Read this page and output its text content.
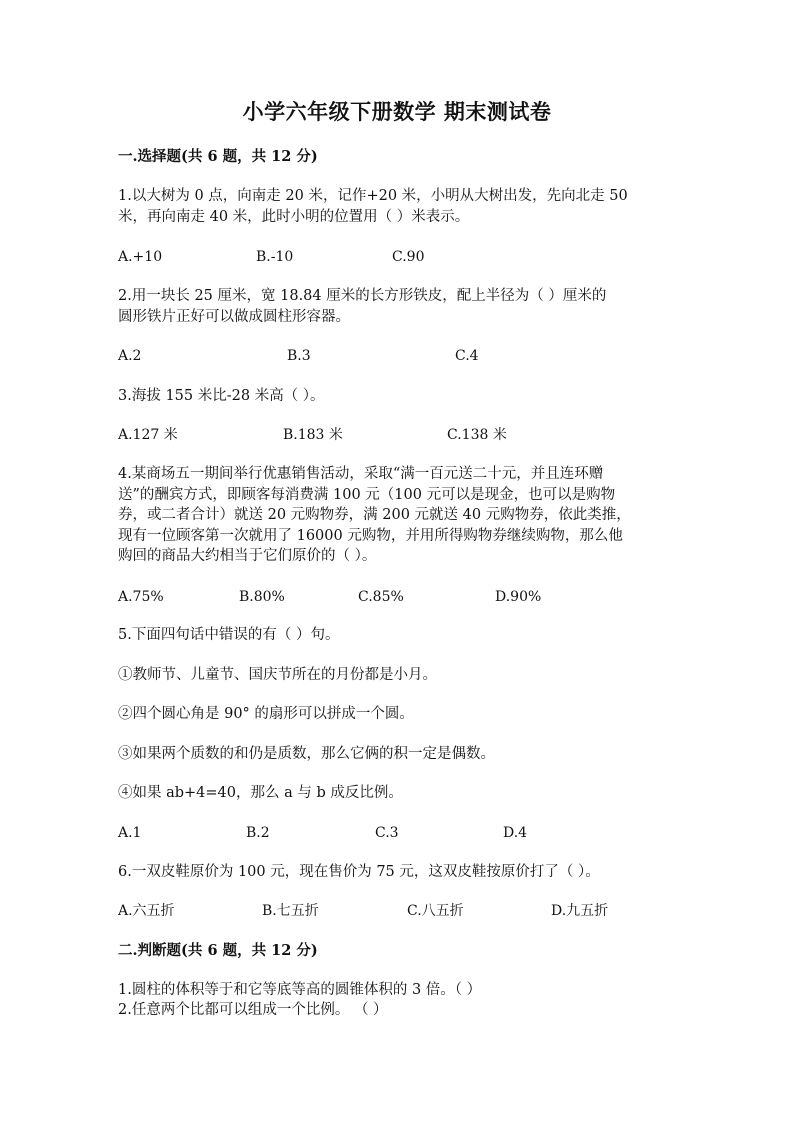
小学六年级下册数学 期末测试卷
一.选择题(共 6 题，共 12 分)
1.以大树为 0 点，向南走 20 米，记作+20 米，小明从大树出发，先向北走 50
米，再向南走 40 米，此时小明的位置用（ ）米表示。
A.+10	B.-10	C.90
2.用一块长 25 厘米，宽 18.84 厘米的长方形铁皮，配上半径为（ ）厘米的
圆形铁片正好可以做成圆柱形容器。
A.2	B.3	C.4
3.海拔 155 米比-28 米高（ ）。
A.127 米	B.183 米	C.138 米
4.某商场五一期间举行优惠销售活动，采取“满一百元送二十元，并且连环赠
送”的酬宾方式，即顾客每消费满 100 元（100 元可以是现金，也可以是购物
券，或二者合计）就送 20 元购物券，满 200 元就送 40 元购物券，依此类推，
现有一位顾客第一次就用了 16000 元购物，并用所得购物券继续购物，那么他
购回的商品大约相当于它们原价的（ ）。
A.75%	B.80%	C.85%	D.90%
5.下面四句话中错误的有（ ）句。
①教师节、儿童节、国庆节所在的月份都是小月。
②四个圆心角是 90° 的扇形可以拼成一个圆。
③如果两个质数的和仍是质数，那么它俩的积一定是偶数。
④如果 ab+4=40，那么 a 与 b 成反比例。
A.1	B.2	C.3	D.4
6.一双皮鞋原价为 100 元，现在售价为 75 元，这双皮鞋按原价打了（ ）。
A.六五折	B.七五折	C.八五折	D.九五折
二.判断题(共 6 题，共 12 分)
1.圆柱的体积等于和它等底等高的圆锥体积的 3 倍。（ ）
2.任意两个比都可以组成一个比例。 （ ）
